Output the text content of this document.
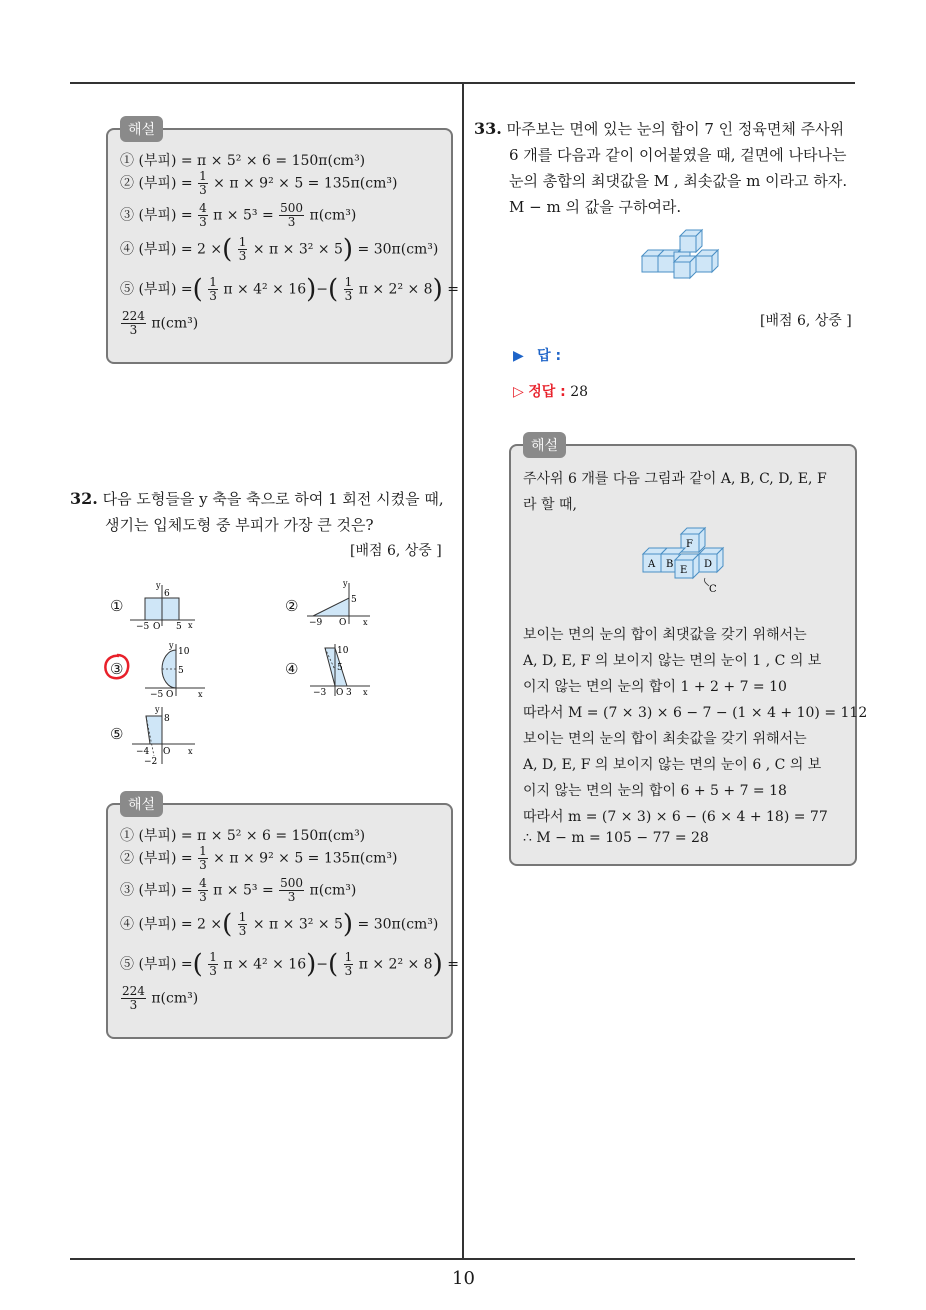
10
해설
① (부피) = π × 5² × 6 = 150π(cm³)
② (부피) = $\frac{1}{3} \times \pi \times 9^2 \times 5 = 135\pi(cm^3)$
③ (부피) = $\frac{4}{3}$ $\pi \times 5^3 = \frac{500}{3} \pi(cm^3)$
④ (부피) = 2 ×( $\frac{1}{3} \times \pi \times 3^2 \times 5) = 30\pi(cm^3)$
⑤ (부피) =( $\frac{1}{3}$ $\pi \times 4^2 \times 16)-( \frac{1}{3}$ π × 2² × 8) =
$\frac{224}{3} \pi(cm^3)$
32. 다음 도형들을 y 축을 축으로 하여 1 회전 시켰을 때,
생기는 입체도형 중 부피가 가장 큰 것은?
[배점 6, 상중 ]
①	②
③	④
⑤
y
6
−5 O 5 x
y
5
−9 O x
y
10
5
−5 O	x
10
5
−3 O 3 x
y
8
−4 O
−2
x
해설
① (부피) = π × 5² × 6 = 150π(cm³)
② (부피) = $\frac{1}{3} \times \pi \times 9^2 \times 5 = 135\pi(cm^3)$
③ (부피) = $\frac{4}{3}$ $\pi \times 5^3 = \frac{500}{3} \pi(cm^3)$
④ (부피) = 2 ×( $\frac{1}{3} \times \pi \times 3^2 \times 5) = 30\pi(cm^3)$
⑤ (부피) =( $\frac{1}{3}$ $\pi \times 4^2 \times 16)-( \frac{1}{3}$ π × 2² × 8) =
$\frac{224}{3} \pi(cm^3)$
33. 마주보는 면에 있는 눈의 합이 7 인 정육면체 주사위
6 개를 다음과 같이 이어붙였을 때, 겉면에 나타나는
눈의 총합의 최댓값을 M , 최솟값을 m 이라고 하자.
M − m 의 값을 구하여라.
[배점 6, 상중 ]
▶ 답 :
▷ 정답 : 28
해설
주사위 6 개를 다음 그림과 같이 A, B, C, D, E, F
라 할 때,
A B
E
D
F
C
보이는 면의 눈의 합이 최댓값을 갖기 위해서는
A, D, E, F 의 보이지 않는 면의 눈이 1 , C 의 보
이지 않는 면의 눈의 합이 1 + 2 + 7 = 10
따라서 M = (7 × 3) × 6 − 7 − (1 × 4 + 10) = 112
보이는 면의 눈의 합이 최솟값을 갖기 위해서는
A, D, E, F 의 보이지 않는 면의 눈이 6 , C 의 보
이지 않는 면의 눈의 합이 6 + 5 + 7 = 18
따라서 m = (7 × 3) × 6 − (6 × 4 + 18) = 77
∴ M − m = 105 − 77 = 28
